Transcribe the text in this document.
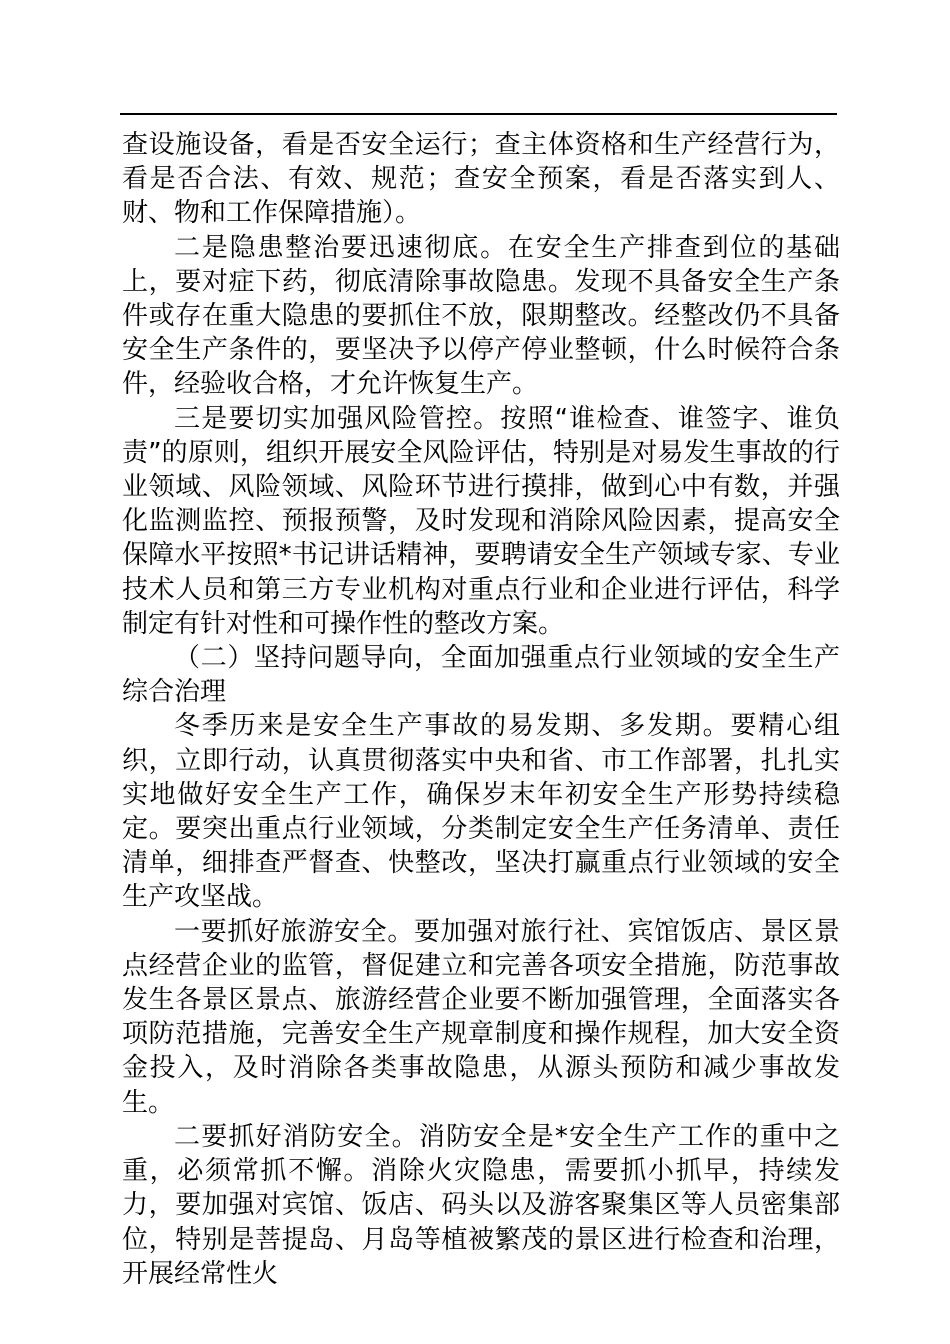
查设施设备，看是否安全运行；查主体资格和生产经营行为，看是否合法、有效、规范；查安全预案，看是否落实到人、财、物和工作保障措施）。

二是隐患整治要迅速彻底。在安全生产排查到位的基础上，要对症下药，彻底清除事故隐患。发现不具备安全生产条件或存在重大隐患的要抓住不放，限期整改。经整改仍不具备安全生产条件的，要坚决予以停产停业整顿，什么时候符合条件，经验收合格，才允许恢复生产。

三是要切实加强风险管控。按照“谁检查、谁签字、谁负责”的原则，组织开展安全风险评估，特别是对易发生事故的行业领域、风险领域、风险环节进行摸排，做到心中有数，并强化监测监控、预报预警，及时发现和消除风险因素，提高安全保障水平按照*书记讲话精神，要聘请安全生产领域专家、专业技术人员和第三方专业机构对重点行业和企业进行评估，科学制定有针对性和可操作性的整改方案。

（二）坚持问题导向，全面加强重点行业领域的安全生产综合治理

冬季历来是安全生产事故的易发期、多发期。要精心组织，立即行动，认真贯彻落实中央和省、市工作部署，扎扎实实地做好安全生产工作，确保岁末年初安全生产形势持续稳定。要突出重点行业领域，分类制定安全生产任务清单、责任清单，细排查严督查、快整改，坚决打赢重点行业领域的安全生产攻坚战。

一要抓好旅游安全。要加强对旅行社、宾馆饭店、景区景点经营企业的监管，督促建立和完善各项安全措施，防范事故发生各景区景点、旅游经营企业要不断加强管理，全面落实各项防范措施，完善安全生产规章制度和操作规程，加大安全资金投入，及时消除各类事故隐患，从源头预防和减少事故发生。

二要抓好消防安全。消防安全是*安全生产工作的重中之重，必须常抓不懈。消除火灾隐患，需要抓小抓早，持续发力，要加强对宾馆、饭店、码头以及游客聚集区等人员密集部位，特别是菩提岛、月岛等植被繁茂的景区进行检查和治理，开展经常性火
